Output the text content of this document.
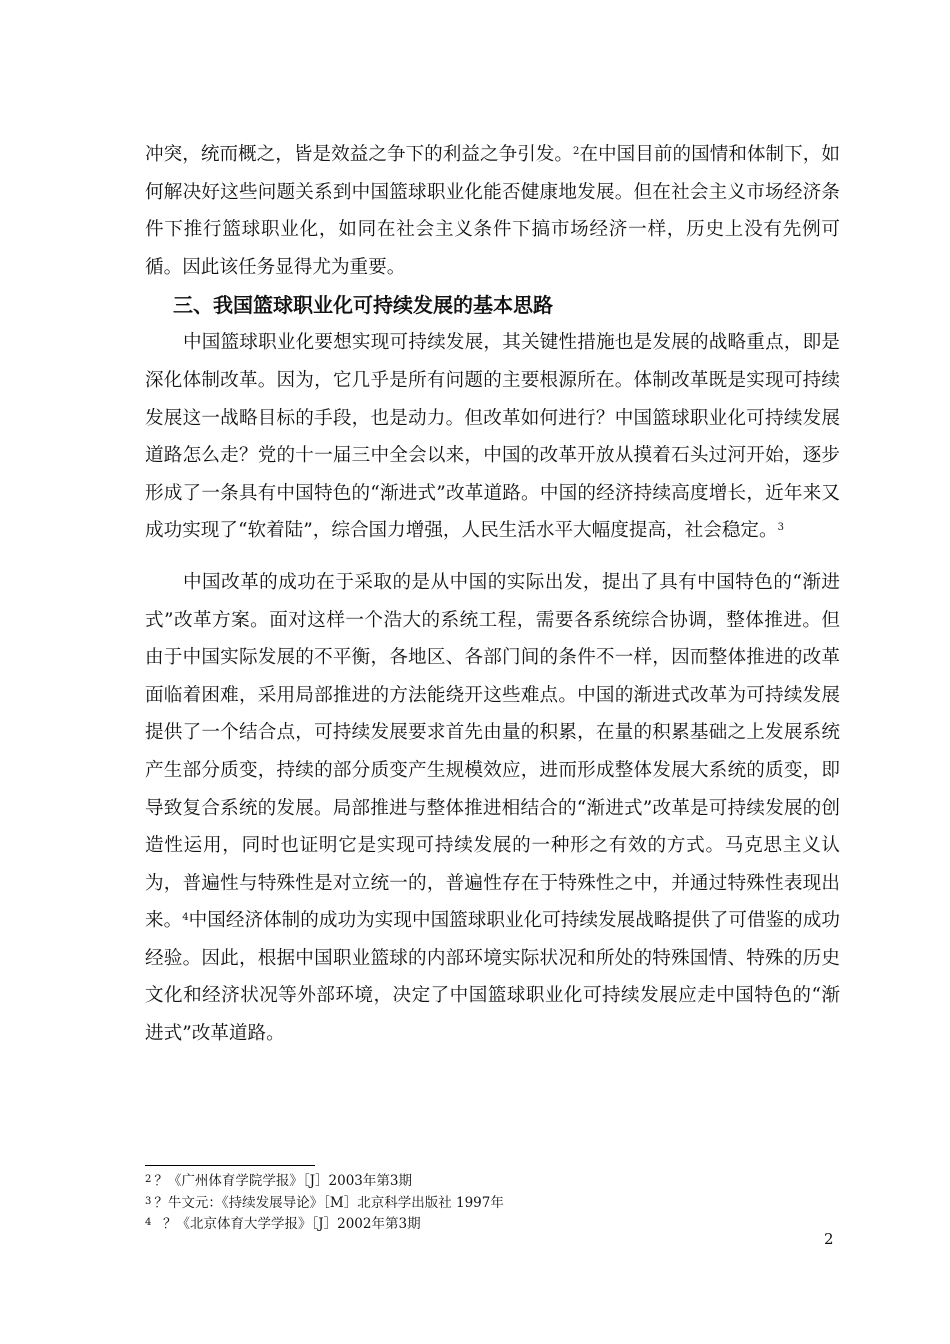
冲突，统而概之，皆是效益之争下的利益之争引发。$^2$在中国目前的国情和体制下，如何解决好这些问题关系到中国篮球职业化能否健康地发展。但在社会主义市场经济条件下推行篮球职业化，如同在社会主义条件下搞市场经济一样，历史上没有先例可循。因此该任务显得尤为重要。

三、我国篮球职业化可持续发展的基本思路

中国篮球职业化要想实现可持续发展，其关键性措施也是发展的战略重点，即是深化体制改革。因为，它几乎是所有问题的主要根源所在。体制改革既是实现可持续发展这一战略目标的手段，也是动力。但改革如何进行？中国篮球职业化可持续发展道路怎么走？党的十一届三中全会以来，中国的改革开放从摸着石头过河开始，逐步形成了一条具有中国特色的“渐进式”改革道路。中国的经济持续高度增长，近年来又成功实现了“软着陆”，综合国力增强，人民生活水平大幅度提高，社会稳定。$^3$

中国改革的成功在于采取的是从中国的实际出发，提出了具有中国特色的“渐进式”改革方案。面对这样一个浩大的系统工程，需要各系统综合协调，整体推进。但由于中国实际发展的不平衡，各地区、各部门间的条件不一样，因而整体推进的改革面临着困难，采用局部推进的方法能绕开这些难点。中国的渐进式改革为可持续发展提供了一个结合点，可持续发展要求首先由量的积累，在量的积累基础之上发展系统产生部分质变，持续的部分质变产生规模效应，进而形成整体发展大系统的质变，即导致复合系统的发展。局部推进与整体推进相结合的“渐进式”改革是可持续发展的创造性运用，同时也证明它是实现可持续发展的一种形之有效的方式。马克思主义认为，普遍性与特殊性是对立统一的，普遍性存在于特殊性之中，并通过特殊性表现出来。$^4$中国经济体制的成功为实现中国篮球职业化可持续发展战略提供了可借鉴的成功经验。因此，根据中国职业篮球的内部环境实际状况和所处的特殊国情、特殊的历史文化和经济状况等外部环境，决定了中国篮球职业化可持续发展应走中国特色的“渐进式”改革道路。

$^2$ ？《广州体育学院学报》［J］2003年第3期
$^3$ ？牛文元：《持续发展导论》［M］北京科学出版社 1997年
$^4$  ？《北京体育大学学报》［J］2002年第3期
2
